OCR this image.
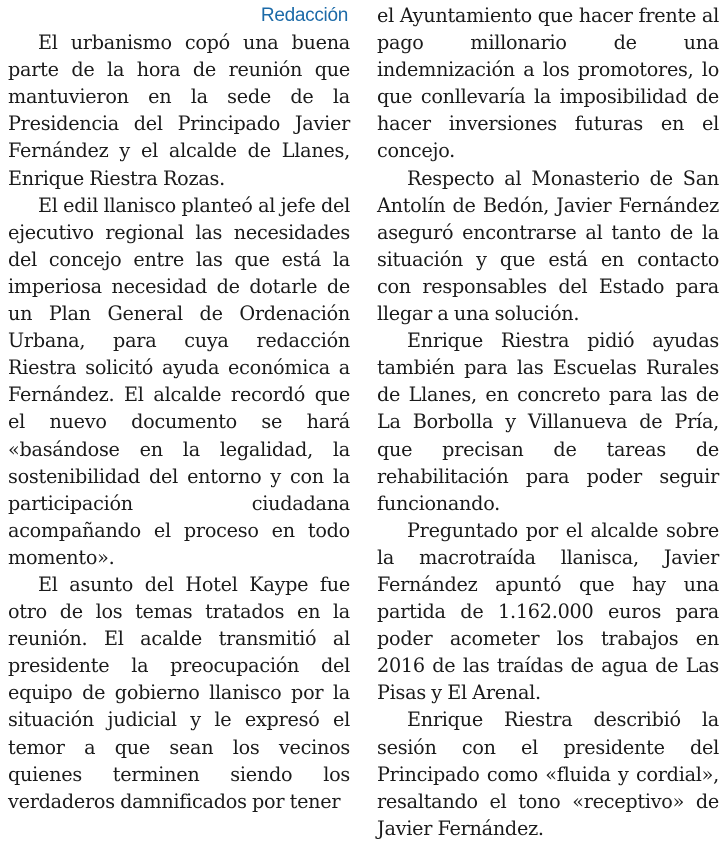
Redacción

El urbanismo copó una buena parte de la hora de reunión que mantuvieron en la sede de la Presidencia del Principado Javier Fernández y el alcalde de Llanes, Enrique Riestra Rozas.

El edil llanisco planteó al jefe del ejecutivo regional las necesidades del concejo entre las que está la imperiosa necesidad de dotarle de un Plan General de Ordenación Urbana, para cuya redacción Riestra solicitó ayuda económica a Fernández. El alcalde recordó que el nuevo documento se hará «basándose en la legalidad, la sostenibilidad del entorno y con la participación ciudadana acompañando el proceso en todo momento».

El asunto del Hotel Kaype fue otro de los temas tratados en la reunión. El acalde transmitió al presidente la preocupación del equipo de gobierno llanisco por la situación judicial y le expresó el temor a que sean los vecinos quienes terminen siendo los verdaderos damnificados por tener

el Ayuntamiento que hacer frente al pago millonario de una indemnización a los promotores, lo que conllevaría la imposibilidad de hacer inversiones futuras en el concejo.

Respecto al Monasterio de San Antolín de Bedón, Javier Fernández aseguró encontrarse al tanto de la situación y que está en contacto con responsables del Estado para llegar a una solución.

Enrique Riestra pidió ayudas también para las Escuelas Rurales de Llanes, en concreto para las de La Borbolla y Villanueva de Pría, que precisan de tareas de rehabilitación para poder seguir funcionando.

Preguntado por el alcalde sobre la macrotraída llanisca, Javier Fernández apuntó que hay una partida de 1.162.000 euros para poder acometer los trabajos en 2016 de las traídas de agua de Las Pisas y El Arenal.

Enrique Riestra describió la sesión con el presidente del Principado como «fluida y cordial», resaltando el tono «receptivo» de Javier Fernández.
